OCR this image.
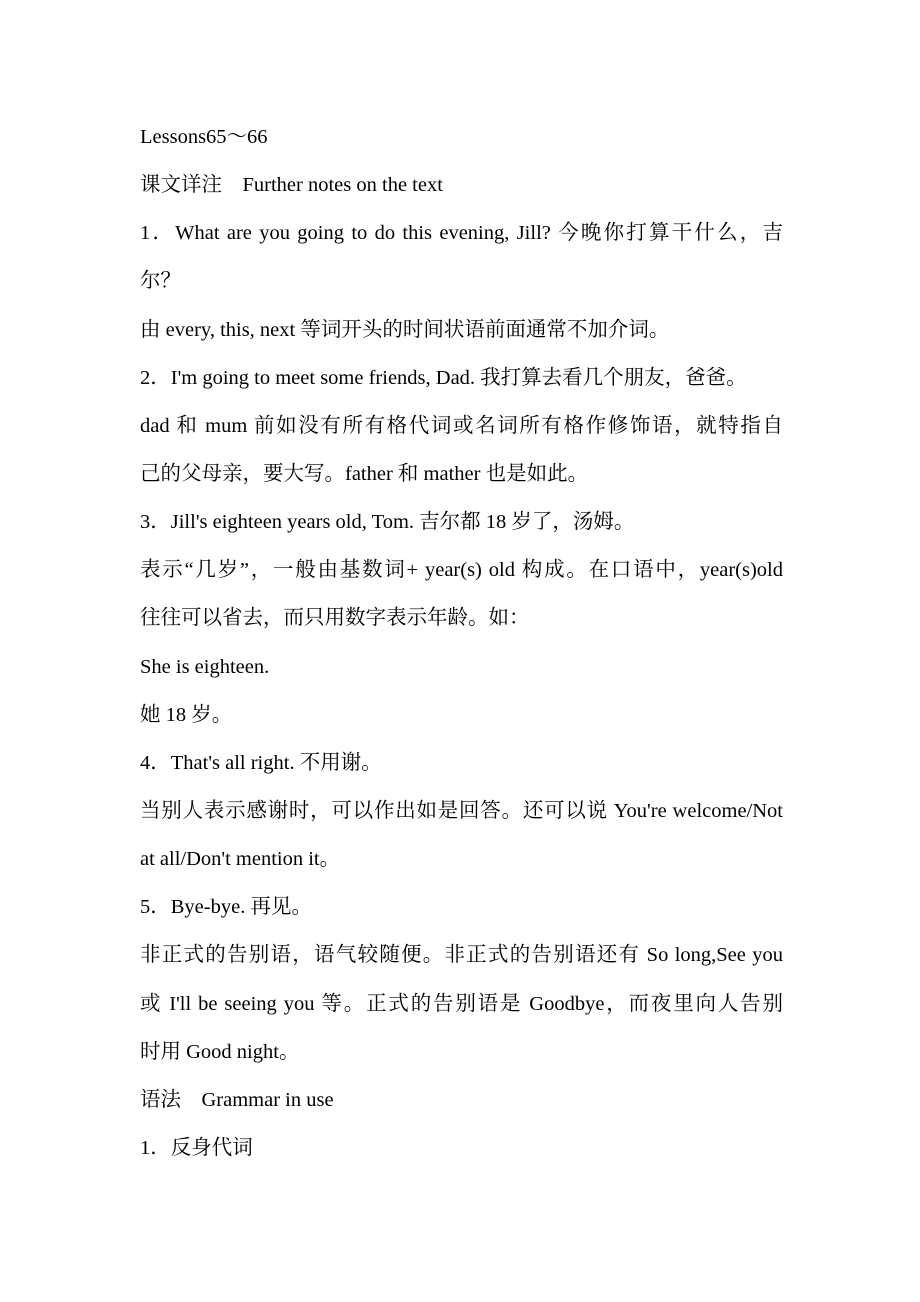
Lessons65～66
课文详注　Further notes on the text
1．What are you going to do this evening, Jill? 今晚你打算干什么，吉
尔？
由 every, this, next 等词开头的时间状语前面通常不加介词。
2．I'm going to meet some friends, Dad. 我打算去看几个朋友，爸爸。
dad 和 mum 前如没有所有格代词或名词所有格作修饰语，就特指自
己的父母亲，要大写。father 和 mather 也是如此。
3．Jill's eighteen years old, Tom. 吉尔都 18 岁了，汤姆。
表示“几岁”，一般由基数词+ year(s) old 构成。在口语中，year(s)old
往往可以省去，而只用数字表示年龄。如：
She is eighteen.
她 18 岁。
4．That's all right. 不用谢。
当别人表示感谢时，可以作出如是回答。还可以说 You're welcome/Not
at all/Don't mention it。
5．Bye-bye. 再见。
非正式的告别语，语气较随便。非正式的告别语还有 So long,See you
或 I'll be seeing you 等。正式的告别语是 Goodbye，而夜里向人告别
时用 Good night。
语法　Grammar in use
1．反身代词
